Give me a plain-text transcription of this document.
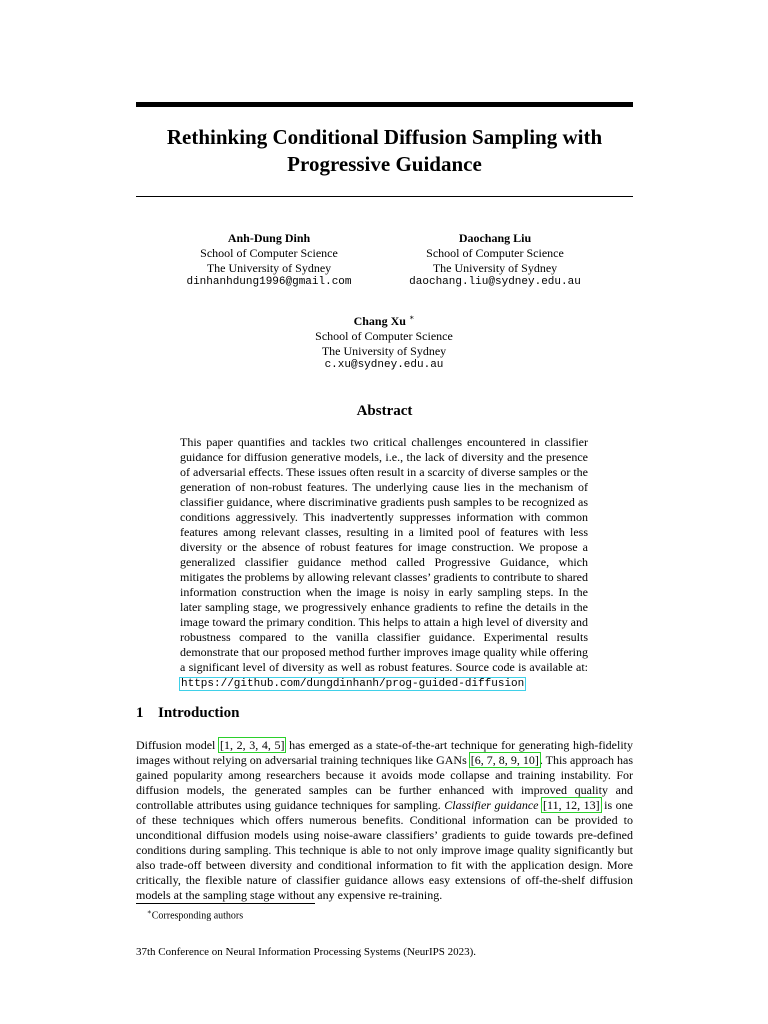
Rethinking Conditional Diffusion Sampling with Progressive Guidance
Anh-Dung Dinh
School of Computer Science
The University of Sydney
dinhanhdung1996@gmail.com
Daochang Liu
School of Computer Science
The University of Sydney
daochang.liu@sydney.edu.au
Chang Xu ∗
School of Computer Science
The University of Sydney
c.xu@sydney.edu.au
Abstract

This paper quantifies and tackles two critical challenges encountered in classifier guidance for diffusion generative models, i.e., the lack of diversity and the presence of adversarial effects. These issues often result in a scarcity of diverse samples or the generation of non-robust features. The underlying cause lies in the mechanism of classifier guidance, where discriminative gradients push samples to be recognized as conditions aggressively. This inadvertently suppresses information with common features among relevant classes, resulting in a limited pool of features with less diversity or the absence of robust features for image construction. We propose a generalized classifier guidance method called Progressive Guidance, which mitigates the problems by allowing relevant classes’ gradients to contribute to shared information construction when the image is noisy in early sampling steps. In the later sampling stage, we progressively enhance gradients to refine the details in the image toward the primary condition. This helps to attain a high level of diversity and robustness compared to the vanilla classifier guidance. Experimental results demonstrate that our proposed method further improves image quality while offering a significant level of diversity as well as robust features. Source code is available at: https://github.com/dungdinhanh/prog-guided-diffusion

1 Introduction

Diffusion model [1, 2, 3, 4, 5] has emerged as a state-of-the-art technique for generating high-fidelity images without relying on adversarial training techniques like GANs [6, 7, 8, 9, 10]. This approach has gained popularity among researchers because it avoids mode collapse and training instability. For diffusion models, the generated samples can be further enhanced with improved quality and controllable attributes using guidance techniques for sampling. Classifier guidance [11, 12, 13] is one of these techniques which offers numerous benefits. Conditional information can be provided to unconditional diffusion models using noise-aware classifiers’ gradients to guide towards pre-defined conditions during sampling. This technique is able to not only improve image quality significantly but also trade-off between diversity and conditional information to fit with the application design. More critically, the flexible nature of classifier guidance allows easy extensions of off-the-shelf diffusion models at the sampling stage without any expensive re-training.

∗Corresponding authors
37th Conference on Neural Information Processing Systems (NeurIPS 2023).
